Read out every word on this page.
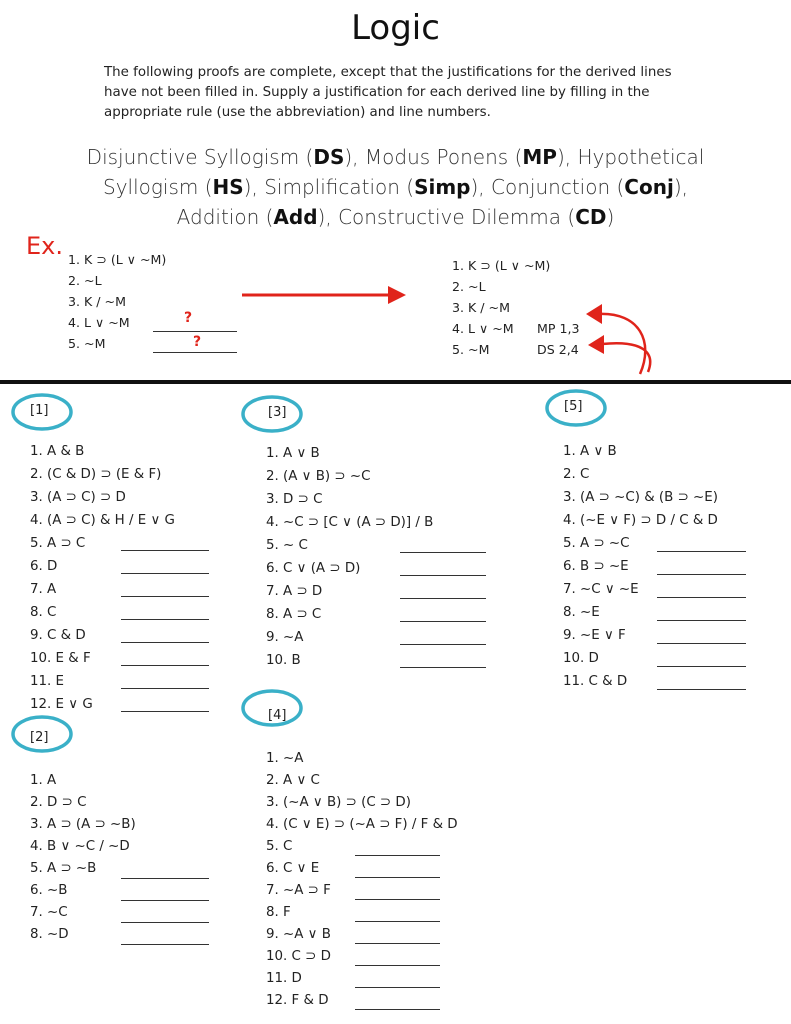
Logic
The following proofs are complete, except that the justifications for the derived lines have not been filled in. Supply a justification for each derived line by filling in the appropriate rule (use the abbreviation) and line numbers.
Disjunctive Syllogism (DS), Modus Ponens (MP), Hypothetical Syllogism (HS), Simplification (Simp), Conjunction (Conj),
Addition (Add), Constructive Dilemma (CD)
Ex. 1. K ⊃ (L ∨ ~M)
2. ~L
3. K / ~M
4. L ∨ ~M
5. ~M
?
?
1. K ⊃ (L ∨ ~M)
2. ~L
3. K / ~M
4. L ∨ ~M
5. ~M
MP 1,3
DS 2,4
[1]	[3]	[5]
[2]
[4]
1. A & B
2. (C & D) ⊃ (E & F)
3. (A ⊃ C) ⊃ D
4. (A ⊃ C) & H / E ∨ G
5. A ⊃ C
6. D
7. A
8. C
9. C & D
10. E & F
11. E
12. E ∨ G
1. A
2. D ⊃ C
3. A ⊃ (A ⊃ ~B)
4. B ∨ ~C / ~D
5. A ⊃ ~B
6. ~B
7. ~C
8. ~D
1. A ∨ B
2. (A ∨ B) ⊃ ~C
3. D ⊃ C
4. ~C ⊃ [C ∨ (A ⊃ D)] / B
5. ~ C
6. C ∨ (A ⊃ D)
7. A ⊃ D
8. A ⊃ C
9. ~A
10. B
1. ~A
2. A ∨ C
3. (~A ∨ B) ⊃ (C ⊃ D)
4. (C ∨ E) ⊃ (~A ⊃ F) / F & D
5. C
6. C ∨ E
7. ~A ⊃ F
8. F
9. ~A ∨ B
10. C ⊃ D
11. D
12. F & D
1. A ∨ B
2. C
3. (A ⊃ ~C) & (B ⊃ ~E)
4. (~E ∨ F) ⊃ D / C & D
5. A ⊃ ~C
6. B ⊃ ~E
7. ~C ∨ ~E
8. ~E
9. ~E ∨ F
10. D
11. C & D
